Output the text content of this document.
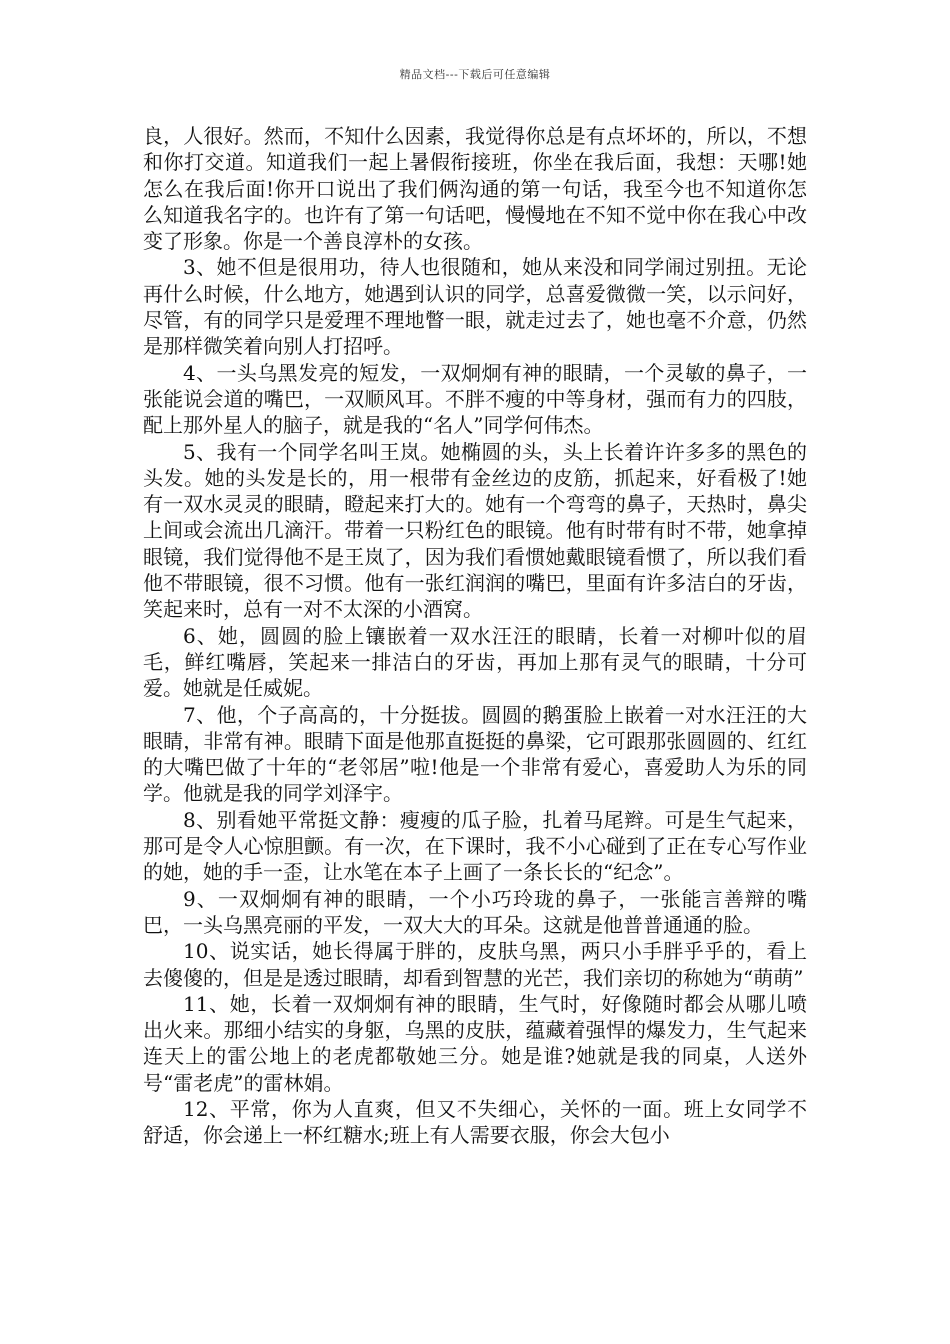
精品文档---下载后可任意编辑

良，人很好。然而，不知什么因素，我觉得你总是有点坏坏的，所以，不想和你打交道。知道我们一起上暑假衔接班，你坐在我后面，我想：天哪!她怎么在我后面!你开口说出了我们俩沟通的第一句话，我至今也不知道你怎么知道我名字的。也许有了第一句话吧，慢慢地在不知不觉中你在我心中改变了形象。你是一个善良淳朴的女孩。

3、她不但是很用功，待人也很随和，她从来没和同学闹过别扭。无论再什么时候，什么地方，她遇到认识的同学，总喜爱微微一笑，以示问好，尽管，有的同学只是爱理不理地瞥一眼，就走过去了，她也毫不介意，仍然是那样微笑着向别人打招呼。

4、一头乌黑发亮的短发，一双炯炯有神的眼睛，一个灵敏的鼻子，一张能说会道的嘴巴，一双顺风耳。不胖不瘦的中等身材，强而有力的四肢，配上那外星人的脑子，就是我的“名人”同学何伟杰。

5、我有一个同学名叫王岚。她椭圆的头，头上长着许许多多的黑色的头发。她的头发是长的，用一根带有金丝边的皮筋，抓起来，好看极了!她有一双水灵灵的眼睛，瞪起来打大的。她有一个弯弯的鼻子，天热时，鼻尖上间或会流出几滴汗。带着一只粉红色的眼镜。他有时带有时不带，她拿掉眼镜，我们觉得他不是王岚了，因为我们看惯她戴眼镜看惯了，所以我们看他不带眼镜，很不习惯。他有一张红润润的嘴巴，里面有许多洁白的牙齿，笑起来时，总有一对不太深的小酒窝。

6、她，圆圆的脸上镶嵌着一双水汪汪的眼睛，长着一对柳叶似的眉毛，鲜红嘴唇，笑起来一排洁白的牙齿，再加上那有灵气的眼睛，十分可爱。她就是任威妮。

7、他，个子高高的，十分挺拔。圆圆的鹅蛋脸上嵌着一对水汪汪的大眼睛，非常有神。眼睛下面是他那直挺挺的鼻梁，它可跟那张圆圆的、红红的大嘴巴做了十年的“老邻居”啦!他是一个非常有爱心，喜爱助人为乐的同学。他就是我的同学刘泽宇。

8、别看她平常挺文静：瘦瘦的瓜子脸，扎着马尾辫。可是生气起来，那可是令人心惊胆颤。有一次，在下课时，我不小心碰到了正在专心写作业的她，她的手一歪，让水笔在本子上画了一条长长的“纪念”。

9、一双炯炯有神的眼睛，一个小巧玲珑的鼻子，一张能言善辩的嘴巴，一头乌黑亮丽的平发，一双大大的耳朵。这就是他普普通通的脸。

10、说实话，她长得属于胖的，皮肤乌黑，两只小手胖乎乎的，看上去傻傻的，但是是透过眼睛，却看到智慧的光芒，我们亲切的称她为“萌萌”

11、她，长着一双炯炯有神的眼睛，生气时，好像随时都会从哪儿喷出火来。那细小结实的身躯，乌黑的皮肤，蕴藏着强悍的爆发力，生气起来连天上的雷公地上的老虎都敬她三分。她是谁?她就是我的同桌，人送外号“雷老虎”的雷林娟。

12、平常，你为人直爽，但又不失细心，关怀的一面。班上女同学不舒适，你会递上一杯红糖水;班上有人需要衣服，你会大包小
